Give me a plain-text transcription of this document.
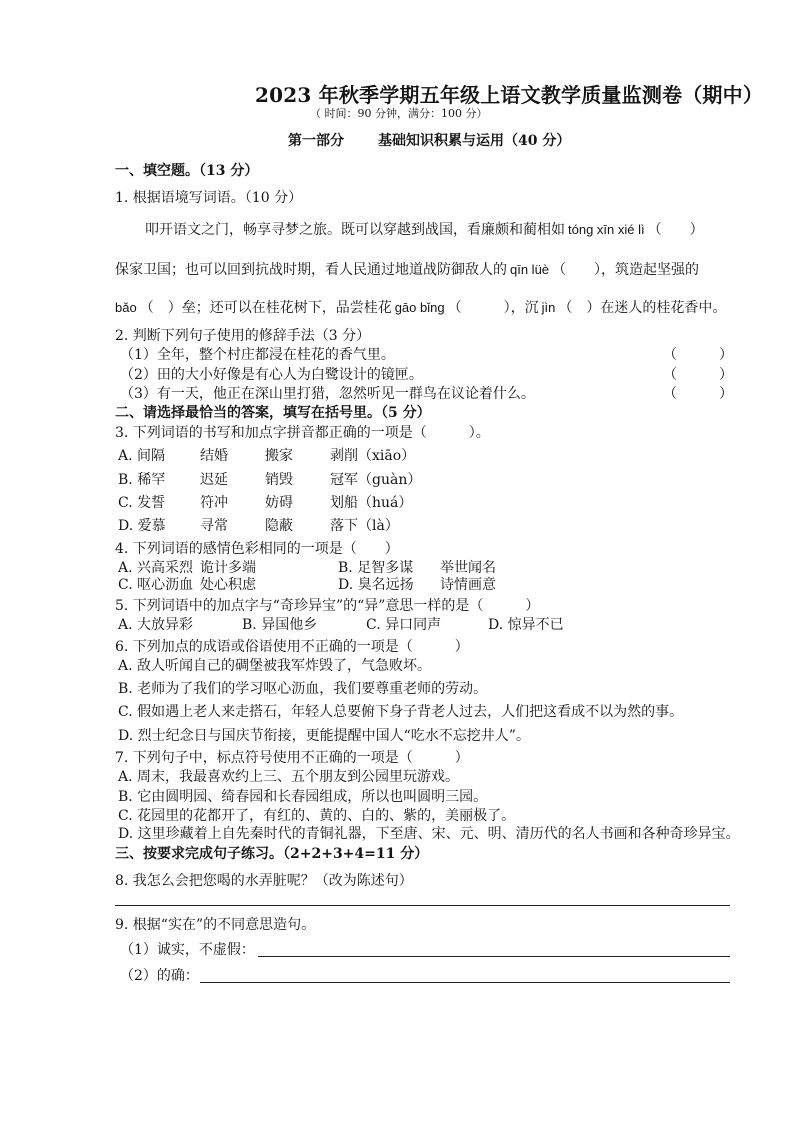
2023 年秋季学期五年级上语文教学质量监测卷（期中）
（ 时间：90 分钟，满分：100 分）
第一部分 基础知识积累与运用（40 分）
一、填空题。（13 分）
1. 根据语境写词语。（10 分）
叩开语文之门，畅享寻梦之旅。既可以穿越到战国，看廉颇和蔺相如 tóng xīn xié lì （　　）
保家卫国；也可以回到抗战时期，看人民通过地道战防御敌人的 qīn lüè （　　），筑造起坚强的
bǎo （　）垒；还可以在桂花树下，品尝桂花 gāo bǐng （　　　），沉 jìn （　）在迷人的桂花香中。
2. 判断下列句子使用的修辞手法（3 分）
（1）全年，整个村庄都浸在桂花的香气里。	（　　　）
（2）田的大小好像是有心人为白鹭设计的镜匣。	（　　　）
（3）有一天，他正在深山里打猎，忽然听见一群鸟在议论着什么。	（　　　）
二、请选择最恰当的答案，填写在括号里。（5 分）
3. 下列词语的书写和加点字拼音都正确的一项是（　　　）。
A. 间隔 结婚	搬家	剥削（xiāo）
B. 稀罕 迟延	销毁	冠军（guàn）
C. 发誓 符冲	妨碍	划船（huá）
D. 爱慕 寻常	隐蔽	落下（là）
4. 下列词语的感情色彩相同的一项是（　　）
A. 兴高采烈 诡计多端	B. 足智多谋 举世闻名
C. 呕心沥血 处心积虑	D. 臭名远扬 诗情画意
5. 下列词语中的加点字与“奇珍异宝”的“异”意思一样的是（　　　）
A. 大放异彩	B. 异国他乡	C. 异口同声	D. 惊异不已
6. 下列加点的成语或俗语使用不正确的一项是（　　　）
A. 敌人听闻自己的碉堡被我军炸毁了，气急败坏。
B. 老师为了我们的学习呕心沥血，我们要尊重老师的劳动。
C. 假如遇上老人来走搭石，年轻人总要俯下身子背老人过去，人们把这看成不以为然的事。
D. 烈士纪念日与国庆节衔接，更能提醒中国人“吃水不忘挖井人”。
7. 下列句子中，标点符号使用不正确的一项是（　　　）
A. 周末，我最喜欢约上三、五个朋友到公园里玩游戏。
B. 它由圆明园、绮春园和长春园组成，所以也叫圆明三园。
C. 花园里的花都开了，有红的、黄的、白的、紫的，美丽极了。
D. 这里珍藏着上自先秦时代的青铜礼器，下至唐、宋、元、明、清历代的名人书画和各种奇珍异宝。
三、按要求完成句子练习。（2+2+3+4=11 分）
8. 我怎么会把您喝的水弄脏呢？（改为陈述句）
9. 根据“实在”的不同意思造句。
（1）诚实，不虚假：
（2）的确：
